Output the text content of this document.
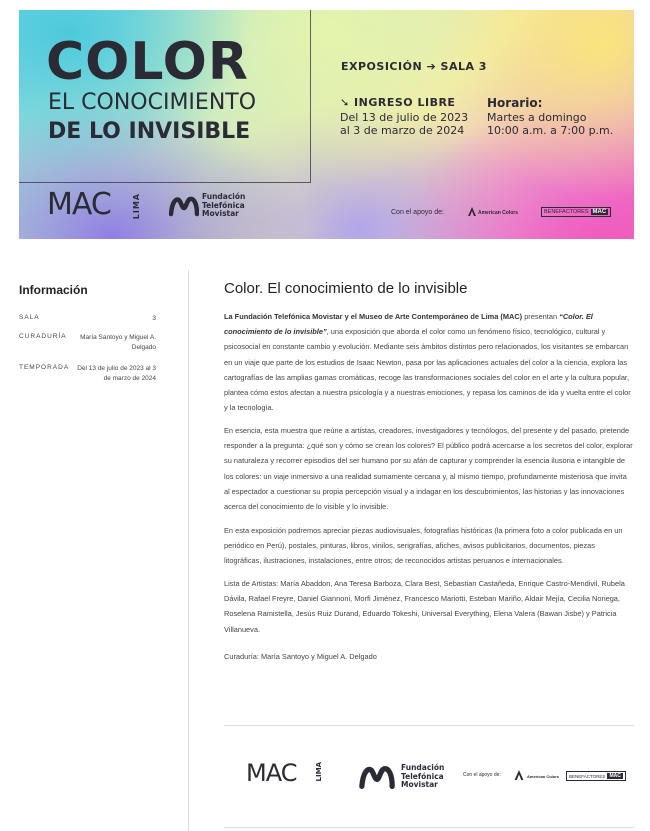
COLOR
EL CONOCIMIENTO
DE LO INVISIBLE
EXPOSICIÓN ➔ SALA 3
➘ INGRESO LIBRE
Del 13 de julio de 2023
al 3 de marzo de 2024
Horario:
Martes a domingo
10:00 a.m. a 7:00 p.m.
MAC	LIMA	Fundación
Telefónica
Movistar	Con el apoyo de:	American Colors	BENEFACTORES MAC
Información
SALA	3
CURADURÍA	María Santoyo y Miguel A. Delgado
TEMPORADA	Del 13 de julio de 2023 al 3 de marzo de 2024
Color. El conocimiento de lo invisible
La Fundación Telefónica Movistar y el Museo de Arte Contemporáneo de Lima (MAC) presentan “Color. El conocimiento de lo invisible”, una exposición que aborda el color como un fenómeno físico, tecnológico, cultural y psicosocial en constante cambio y evolución. Mediante seis ámbitos distintos pero relacionados, los visitantes se embarcan en un viaje que parte de los estudios de Isaac Newton, pasa por las aplicaciones actuales del color a la ciencia, explora las cartografías de las amplias gamas cromáticas, recoge las transformaciones sociales del color en el arte y la cultura popular, plantea cómo estos afectan a nuestra psicología y a nuestras emociones, y repasa los caminos de ida y vuelta entre el color y la tecnología.
En esencia, esta muestra que reúne a artistas, creadores, investigadores y tecnólogos, del presente y del pasado, pretende responder a la pregunta: ¿qué son y cómo se crean los colores? El público podrá acercarse a los secretos del color, explorar su naturaleza y recorrer episodios del ser humano por su afán de capturar y comprender la esencia ilusoria e intangible de los colores: un viaje inmersivo a una realidad sumamente cercana y, al mismo tiempo, profundamente misteriosa que invita al espectador a cuestionar su propia percepción visual y a indagar en los descubrimientos, las historias y las innovaciones acerca del conocimiento de lo visible y lo invisible.
En esta exposición podremos apreciar piezas audiovisuales, fotografías históricas (la primera foto a color publicada en un periódico en Perú), postales, pinturas, libros, vinilos, serigrafías, afiches, avisos publicitarios, documentos, piezas litográficas, ilustraciones, instalaciones, entre otros; de reconocidos artistas peruanos e internacionales.
Lista de Artistas: María Abaddon, Ana Teresa Barboza, Clara Best, Sebastian Castañeda, Enrique Castro-Mendivil, Rubela Dávila, Rafael Freyre, Daniel Giannoni, Morfi Jiménez, Francesco Mariotti, Esteban Mariño, Aldair Mejía, Cecilia Noriega, Roselena Ramistella, Jesús Ruiz Durand, Eduardo Tokeshi, Universal Everything, Elena Valera (Bawan Jisbe) y Patricia Villanueva.
Curaduría: María Santoyo y Miguel A. Delgado
MAC	LIMA	Fundación
Telefónica
Movistar
Con el apoyo de:	American Colors BENEFACTORES MAC
